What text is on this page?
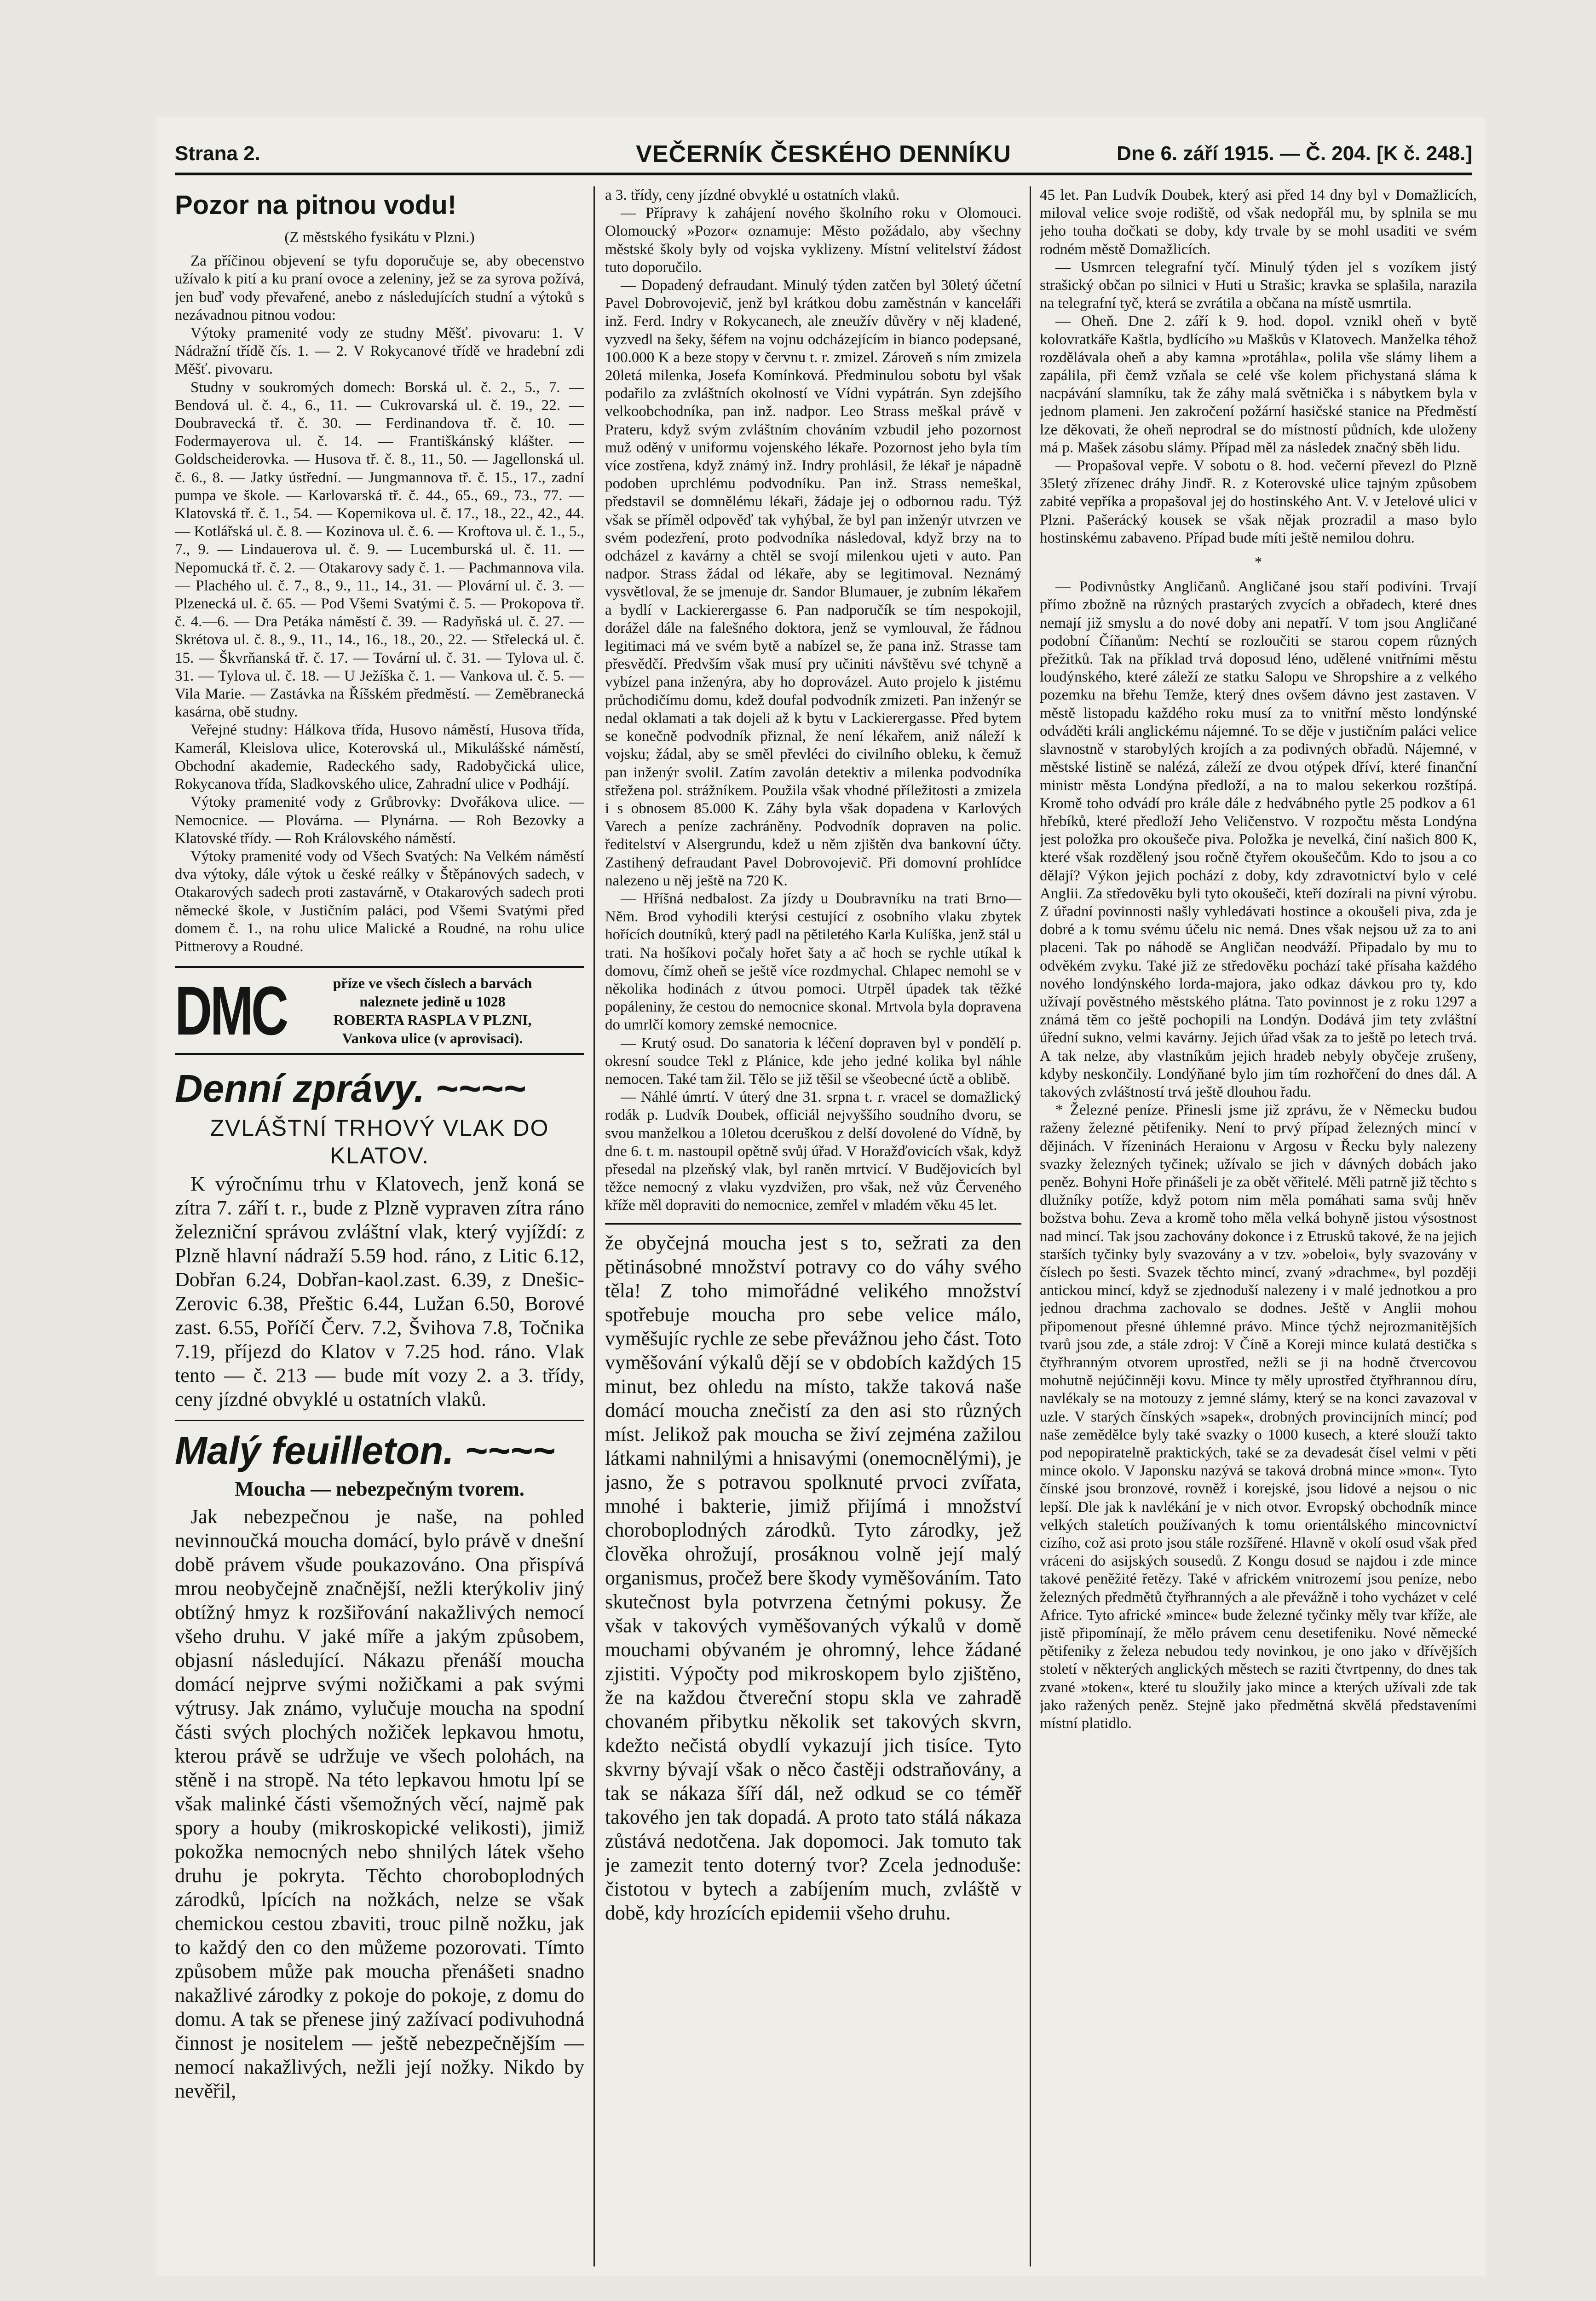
Strana 2.	VEČERNÍK ČESKÉHO DENNÍKU	Dne 6. září 1915. — Č. 204. [K č. 248.]
Pozor na pitnou vodu!

(Z městského fysikátu v Plzni.)

Za příčinou objevení se tyfu doporučuje se, aby obecenstvo užívalo k pití a ku praní ovoce a zeleniny, jež se za syrova požívá, jen buď vody převařené, anebo z následujících studní a výtoků s nezávadnou pitnou vodou:

Výtoky pramenité vody ze studny Měšť. pivovaru: 1. V Nádražní třídě čís. 1. — 2. V Rokycanové třídě ve hradební zdi Měšť. pivovaru.

Studny v soukromých domech: Borská ul. č. 2., 5., 7. — Bendová ul. č. 4., 6., 11. — Cukrovarská ul. č. 19., 22. — Doubravecká tř. č. 30. — Ferdinandova tř. č. 10. — Fodermayerova ul. č. 14. — Františkánský klášter. — Goldscheiderovka. — Husova tř. č. 8., 11., 50. — Jagellonská ul. č. 6., 8. — Jatky ústřední. — Jungmannova tř. č. 15., 17., zadní pumpa ve škole. — Karlovarská tř. č. 44., 65., 69., 73., 77. — Klatovská tř. č. 1., 54. — Kopernikova ul. č. 17., 18., 22., 42., 44. — Kotlářská ul. č. 8. — Kozinova ul. č. 6. — Kroftova ul. č. 1., 5., 7., 9. — Lindauerova ul. č. 9. — Lucemburská ul. č. 11. — Nepomucká tř. č. 2. — Otakarovy sady č. 1. — Pachmannova vila. — Plachého ul. č. 7., 8., 9., 11., 14., 31. — Plovární ul. č. 3. — Plzenecká ul. č. 65. — Pod Všemi Svatými č. 5. — Prokopova tř. č. 4.—6. — Dra Petáka náměstí č. 39. — Radyňská ul. č. 27. — Skrétova ul. č. 8., 9., 11., 14., 16., 18., 20., 22. — Střelecká ul. č. 15. — Škvrňanská tř. č. 17. — Tovární ul. č. 31. — Tylova ul. č. 31. — Tylova ul. č. 18. — U Ježíška č. 1. — Vankova ul. č. 5. — Vila Marie. — Zastávka na Říšském předměstí. — Zeměbranecká kasárna, obě studny.

Veřejné studny: Hálkova třída, Husovo náměstí, Husova třída, Kamerál, Kleislova ulice, Koterovská ul., Mikulášské náměstí, Obchodní akademie, Radeckého sady, Radobyčická ulice, Rokycanova třída, Sladkovského ulice, Zahradní ulice v Podhájí.

Výtoky pramenité vody z Grůbrovky: Dvořákova ulice. — Nemocnice. — Plovárna. — Plynárna. — Roh Bezovky a Klatovské třídy. — Roh Královského náměstí.

Výtoky pramenité vody od Všech Svatých: Na Velkém náměstí dva výtoky, dále výtok u české reálky v Štěpánových sadech, v Otakarových sadech proti zastavárně, v Otakarových sadech proti německé škole, v Justičním paláci, pod Všemi Svatými před domem č. 1., na rohu ulice Malické a Roudné, na rohu ulice Pittnerovy a Roudné.

DMC	příze ve všech číslech a barvách
naleznete jedině u 1028
ROBERTA RASPLA V PLZNI,
Vankova ulice (v aprovisaci).
Denní zprávy. ~~~~
ZVLÁŠTNÍ TRHOVÝ VLAK DO KLATOV.

K výročnímu trhu v Klatovech, jenž koná se zítra 7. září t. r., bude z Plzně vypraven zítra ráno železniční správou zvláštní vlak, který vyjíždí: z Plzně hlavní nádraží 5.59 hod. ráno, z Litic 6.12, Dobřan 6.24, Dobřan-kaol.zast. 6.39, z Dnešic-Zerovic 6.38, Přeštic 6.44, Lužan 6.50, Borové zast. 6.55, Poříčí Červ. 7.2, Švihova 7.8, Točnika 7.19, příjezd do Klatov v 7.25 hod. ráno. Vlak tento — č. 213 — bude mít vozy 2. a 3. třídy, ceny jízdné obvyklé u ostatních vlaků.

Malý feuilleton. ~~~~

Moucha — nebezpečným tvorem.

Jak nebezpečnou je naše, na pohled nevinnoučká moucha domácí, bylo právě v dnešní době právem všude poukazováno. Ona přispívá mrou neobyčejně značnější, nežli kterýkoliv jiný obtížný hmyz k rozšiřování nakažlivých nemocí všeho druhu. V jaké míře a jakým způsobem, objasní následující. Nákazu přenáší moucha domácí nejprve svými nožičkami a pak svými výtrusy. Jak známo, vylučuje moucha na spodní části svých plochých nožiček lepkavou hmotu, kterou právě se udržuje ve všech polohách, na stěně i na stropě. Na této lepkavou hmotu lpí se však malinké části všemožných věcí, najmě pak spory a houby (mikroskopické velikosti), jimiž pokožka nemocných nebo shnilých látek všeho druhu je pokryta. Těchto choroboplodných zárodků, lpících na nožkách, nelze se však chemickou cestou zbaviti, trouc pilně nožku, jak to každý den co den můžeme pozorovati. Tímto způsobem může pak moucha přenášeti snadno nakažlivé zárodky z pokoje do pokoje, z domu do domu. A tak se přenese jiný zažívací podivuhodná činnost je nositelem — ještě nebezpečnějším — nemocí nakažlivých, nežli její nožky. Nikdo by nevěřil,

a 3. třídy, ceny jízdné obvyklé u ostatních vlaků.

— Přípravy k zahájení nového školního roku v Olomouci. Olomoucký »Pozor« oznamuje: Město požádalo, aby všechny městské školy byly od vojska vyklizeny. Místní velitelství žádost tuto doporučilo.

— Dopadený defraudant. Minulý týden zatčen byl 30letý účetní Pavel Dobrovojevič, jenž byl krátkou dobu zaměstnán v kanceláři inž. Ferd. Indry v Rokycanech, ale zneužív důvěry v něj kladené, vyzvedl na šeky, šéfem na vojnu odcházejícím in bianco podepsané, 100.000 K a beze stopy v červnu t. r. zmizel. Zároveň s ním zmizela 20letá milenka, Josefa Komínková. Předminulou sobotu byl však podařilo za zvláštních okolností ve Vídni vypátrán. Syn zdejšího velkoobchodníka, pan inž. nadpor. Leo Strass meškal právě v Prateru, když svým zvláštním chováním vzbudil jeho pozornost muž oděný v uniformu vojenského lékaře. Pozornost jeho byla tím více zostřena, když známý inž. Indry prohlásil, že lékař je nápadně podoben uprchlému podvodníku. Pan inž. Strass nemeškal, představil se domnělému lékaři, žádaje jej o odbornou radu. Týž však se příměl odpověď tak vyhýbal, že byl pan inženýr utvrzen ve svém podezření, proto podvodníka následoval, když brzy na to odcházel z kavárny a chtěl se svojí milenkou ujeti v auto. Pan nadpor. Strass žádal od lékaře, aby se legitimoval. Neznámý vysvětloval, že se jmenuje dr. Sandor Blumauer, je zubním lékařem a bydlí v Lackierergasse 6. Pan nadporučík se tím nespokojil, dorážel dále na falešného doktora, jenž se vymlouval, že řádnou legitimaci má ve svém bytě a nabízel se, že pana inž. Strasse tam přesvědčí. Předvším však musí pry učiniti návštěvu své tchyně a vybízel pana inženýra, aby ho doprovázel. Auto projelo k jistému průchodičímu domu, kdež doufal podvodník zmizeti. Pan inženýr se nedal oklamati a tak dojeli až k bytu v Lackierergasse. Před bytem se konečně podvodník přiznal, že není lékařem, aniž náleží k vojsku; žádal, aby se směl převléci do civilního obleku, k čemuž pan inženýr svolil. Zatím zavolán detektiv a milenka podvodníka střežena pol. strážníkem. Použila však vhodné příležitosti a zmizela i s obnosem 85.000 K. Záhy byla však dopadena v Karlových Varech a peníze zachráněny. Podvodník dopraven na polic. ředitelství v Alsergrundu, kdež u něm zjištěn dva bankovní účty. Zastihený defraudant Pavel Dobrovojevič. Při domovní prohlídce nalezeno u něj ještě na 720 K.

— Hříšná nedbalost. Za jízdy u Doubravníku na trati Brno—Něm. Brod vyhodili kterýsi cestující z osobního vlaku zbytek hořících doutníků, který padl na pětiletého Karla Kulíška, jenž stál u trati. Na hošíkovi počaly hořet šaty a ač hoch se rychle utíkal k domovu, čímž oheň se ještě více rozdmychal. Chlapec nemohl se v několika hodinách z útvou pomoci. Utrpěl úpadek tak těžké popáleniny, že cestou do nemocnice skonal. Mrtvola byla dopravena do umrlčí komory zemské nemocnice.

— Krutý osud. Do sanatoria k léčení dopraven byl v pondělí p. okresní soudce Tekl z Plánice, kde jeho jedné kolika byl náhle nemocen. Také tam žil. Tělo se již těšil se všeobecné úctě a oblibě.

— Náhlé úmrtí. V úterý dne 31. srpna t. r. vracel se domažlický rodák p. Ludvík Doubek, officiál nejvyššího soudního dvoru, se svou manželkou a 10letou dceruškou z delší dovolené do Vídně, by dne 6. t. m. nastoupil opětně svůj úřad. V Horažďovicích však, když přesedal na plzeňský vlak, byl raněn mrtvicí. V Budějovicích byl těžce nemocný z vlaku vyzdvižen, pro však, než vůz Červeného kříže měl dopraviti do nemocnice, zemřel v mladém věku 45 let.

že obyčejná moucha jest s to, sežrati za den pětinásobné množství potravy co do váhy svého těla! Z toho mimořádné velikého množství spotřebuje moucha pro sebe velice málo, vyměšujíc rychle ze sebe převážnou jeho část. Toto vyměšování výkalů dějí se v obdobích každých 15 minut, bez ohledu na místo, takže taková naše domácí moucha znečistí za den asi sto různých míst. Jelikož pak moucha se živí zejména zažilou látkami nahnilými a hnisavými (onemocnělými), je jasno, že s potravou spolknuté prvoci zvířata, mnohé i bakterie, jimiž přijímá i množství choroboplodných zárodků. Tyto zárodky, jež člověka ohrožují, prosáknou volně její malý organismus, pročež bere škody vyměšováním. Tato skutečnost byla potvrzena četnými pokusy. Že však v takových vyměšovaných výkalů v domě mouchami obývaném je ohromný, lehce žádané zjistiti. Výpočty pod mikroskopem bylo zjištěno, že na každou čtvereční stopu skla ve zahradě chovaném přibytku několik set takových skvrn, kdežto nečistá obydlí vykazují jich tisíce. Tyto skvrny bývají však o něco častěji odstraňovány, a tak se nákaza šíří dál, než odkud se co téměř takového jen tak dopadá. A proto tato stálá nákaza zůstává nedotčena. Jak dopomoci. Jak tomuto tak je zamezit tento doterný tvor? Zcela jednoduše: čistotou v bytech a zabíjením much, zvláště v době, kdy hrozících epidemii všeho druhu.

45 let. Pan Ludvík Doubek, který asi před 14 dny byl v Domažlicích, miloval velice svoje rodiště, od však nedopřál mu, by splnila se mu jeho touha dočkati se doby, kdy trvale by se mohl usaditi ve svém rodném městě Domažlicích.

— Usmrcen telegrafní tyčí. Minulý týden jel s vozíkem jistý strašický občan po silnici v Huti u Strašic; kravka se splašila, narazila na telegrafní tyč, která se zvrátila a občana na místě usmrtila.

— Oheň. Dne 2. září k 9. hod. dopol. vznikl oheň v bytě kolovratkáře Kaštla, bydlícího »u Maškůs v Klatovech. Manželka téhož rozdělávala oheň a aby kamna »protáhla«, polila vše slámy lihem a zapálila, při čemž vzňala se celé vše kolem přichystaná sláma k nacpávání slamníku, tak že záhy malá světnička i s nábytkem byla v jednom plameni. Jen zakročení požární hasičské stanice na Předměstí lze děkovati, že oheň neprodral se do místností půdních, kde uloženy má p. Mašek zásobu slámy. Případ měl za následek značný sběh lidu.

— Propašoval vepře. V sobotu o 8. hod. večerní převezl do Plzně 35letý zřízenec dráhy Jindř. R. z Koterovské ulice tajným způsobem zabité vepříka a propašoval jej do hostinského Ant. V. v Jetelové ulici v Plzni. Pašerácký kousek se však nějak prozradil a maso bylo hostinskému zabaveno. Případ bude míti ještě nemilou dohru.

*

— Podivnůstky Angličanů. Angličané jsou staří podivíni. Trvají přímo zbožně na různých prastarých zvycích a obřadech, které dnes nemají již smyslu a do nové doby ani nepatří. V tom jsou Angličané podobní Číňanům: Nechtí se rozloučiti se starou copem různých přežitků. Tak na příklad trvá doposud léno, udělené vnitřními městu loudýnského, které záleží ze statku Salopu ve Shropshire a z velkého pozemku na břehu Temže, který dnes ovšem dávno jest zastaven. V městě listopadu každého roku musí za to vnitřní město londýnské odváděti králi anglickému nájemné. To se děje v justičním paláci velice slavnostně v starobylých krojích a za podivných obřadů. Nájemné, v městské listině se nalézá, záleží ze dvou otýpek dříví, které finanční ministr města Londýna předloží, a na to malou sekerkou rozštípá. Kromě toho odvádí pro krále dále z hedvábného pytle 25 podkov a 61 hřebíků, které předloží Jeho Veličenstvo. V rozpočtu města Londýna jest položka pro okoušeče piva. Položka je nevelká, činí našich 800 K, které však rozdělený jsou ročně čtyřem okoušečům. Kdo to jsou a co dělají? Výkon jejich pochází z doby, kdy zdravotnictví bylo v celé Anglii. Za středověku byli tyto okoušeči, kteří dozírali na pivní výrobu. Z úřadní povinnosti našly vyhledávati hostince a okoušeli piva, zda je dobré a k tomu svému účelu nic nemá. Dnes však nejsou už za to ani placeni. Tak po náhodě se Angličan neodváží. Připadalo by mu to odvěkém zvyku. Také již ze středověku pochází také přísaha každého nového londýnského lorda-majora, jako odkaz dávkou pro ty, kdo užívají pověstného městského plátna. Tato povinnost je z roku 1297 a známá těm co ještě pochopili na Londýn. Dodává jim tety zvláštní úřední sukno, velmi kavárny. Jejich úřad však za to ještě po letech trvá. A tak nelze, aby vlastníkům jejich hradeb nebyly obyčeje zrušeny, kdyby neskončily. Londýňané bylo jim tím rozhořčení do dnes dál. A takových zvláštností trvá ještě dlouhou řadu.

* Železné peníze. Přinesli jsme již zprávu, že v Německu budou raženy železné pětifeniky. Není to prvý případ železných mincí v dějinách. V řízeninách Heraionu v Argosu v Řecku byly nalezeny svazky železných tyčinek; užívalo se jich v dávných dobách jako peněz. Bohyni Hoře přinášeli je za obět věřitelé. Měli patrně již těchto s dlužníky potíže, když potom nim měla pomáhati sama svůj hněv božstva bohu. Zeva a kromě toho měla velká bohyně jistou výsostnost nad mincí. Tak jsou zachovány dokonce i z Etrusků takové, že na jejich starších tyčinky byly svazovány a v tzv. »obeloi«, byly svazovány v číslech po šesti. Svazek těchto mincí, zvaný »drachme«, byl později antickou mincí, když se zjednoduší nalezeny i v malé jednotkou a pro jednou drachma zachovalo se dodnes. Ještě v Anglii mohou připomenout přesné úhlemné právo. Mince týchž nejrozmanitějších tvarů jsou zde, a stále zdroj: V Číně a Koreji mince kulatá destička s čtyřhranným otvorem uprostřed, nežli se ji na hodně čtvercovou mohutně nejúčinněji kovu. Mince ty měly uprostřed čtyřhrannou díru, navlékaly se na motouzy z jemné slámy, který se na konci zavazoval v uzle. V starých čínských »sapek«, drobných provincijních mincí; pod naše zemědělce byly také svazky o 1000 kusech, a které slouží takto pod nepopiratelně praktických, také se za devadesát čísel velmi v pěti mince okolo. V Japonsku nazývá se taková drobná mince »mon«. Tyto čínské jsou bronzové, rovněž i korejské, jsou lidové a nejsou o nic lepší. Dle jak k navlékání je v nich otvor. Evropský obchodník mince velkých staletích používaných k tomu orientálského mincovnictví cizího, což asi proto jsou stále rozšířené. Hlavně v okolí osud však před vráceni do asijských sousedů. Z Kongu dosud se najdou i zde mince takové peněžité řetězy. Také v africkém vnitrozemí jsou peníze, nebo železných předmětů čtyřhranných a ale převážně i toho vycházet v celé Africe. Tyto africké »mince« bude železné tyčinky měly tvar kříže, ale jistě připomínají, že mělo právem cenu desetifeniku. Nové německé pětifeniky z železa nebudou tedy novinkou, je ono jako v dřívějších století v některých anglických městech se raziti čtvrtpenny, do dnes tak zvané »token«, které tu sloužily jako mince a kterých užívali zde tak jako ražených peněz. Stejně jako předmětná skvělá představeními místní platidlo.
